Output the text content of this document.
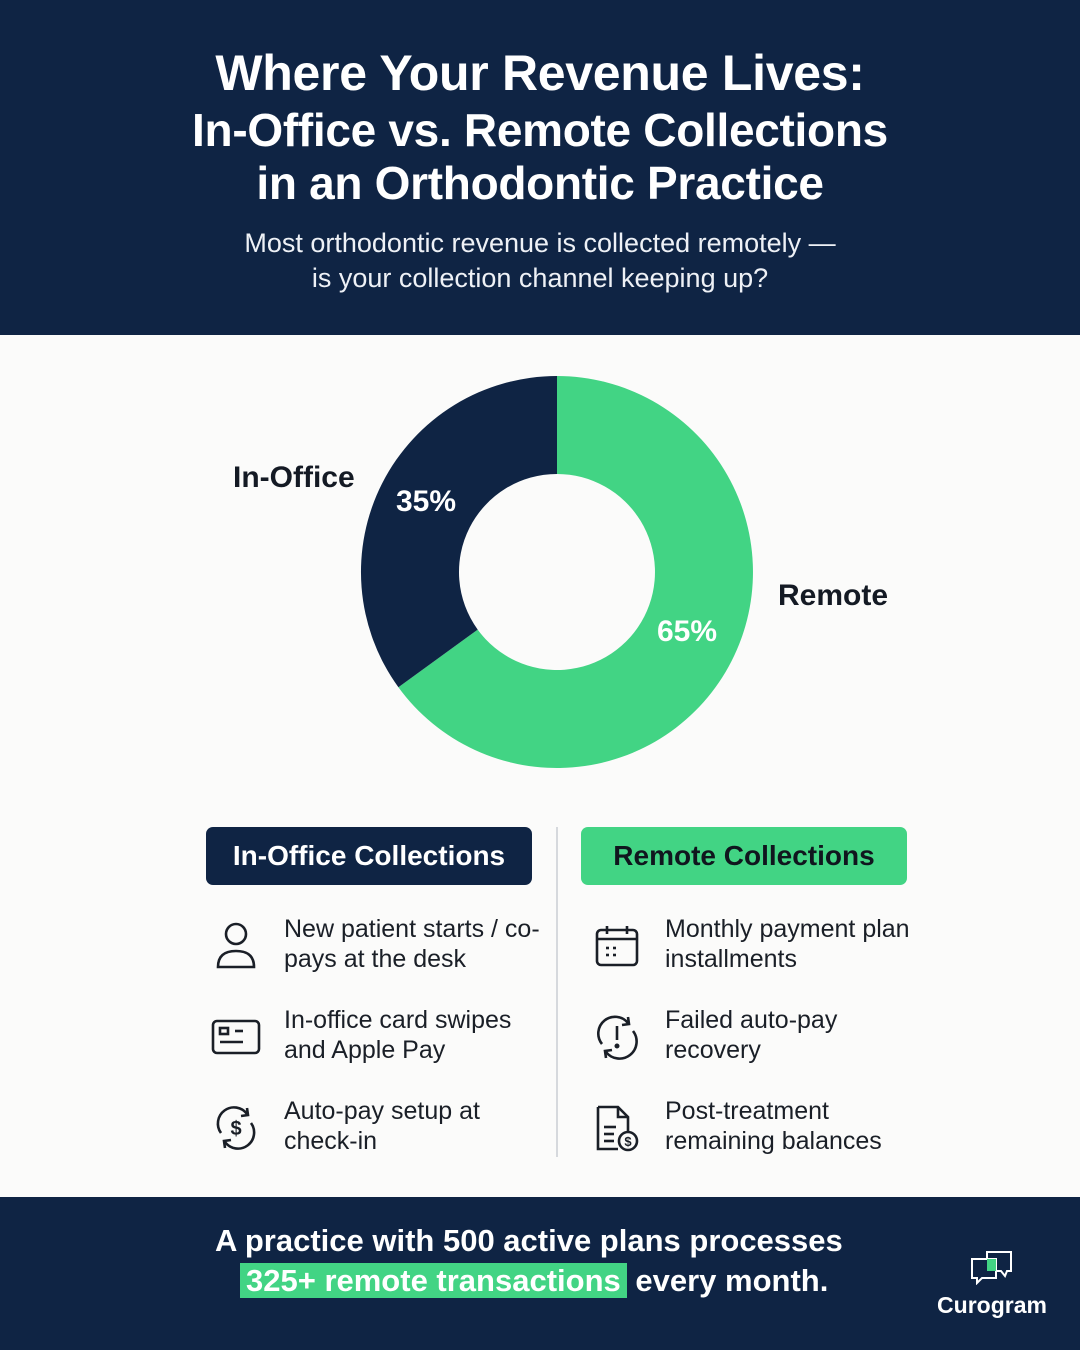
Where Your Revenue Lives:
In-Office vs. Remote Collections
in an Orthodontic Practice
Most orthodontic revenue is collected remotely —
is your collection channel keeping up?
In-Office
Remote
35%
65%
In-Office Collections	Remote Collections
New patient starts / co-pays at the desk
In-office card swipes and Apple Pay
$
Auto-pay setup at check-in
Monthly payment plan installments
Failed auto-pay recovery
$
Post-treatment remaining balances
A practice with 500 active plans processes
325+ remote transactions every month.
Curogram
